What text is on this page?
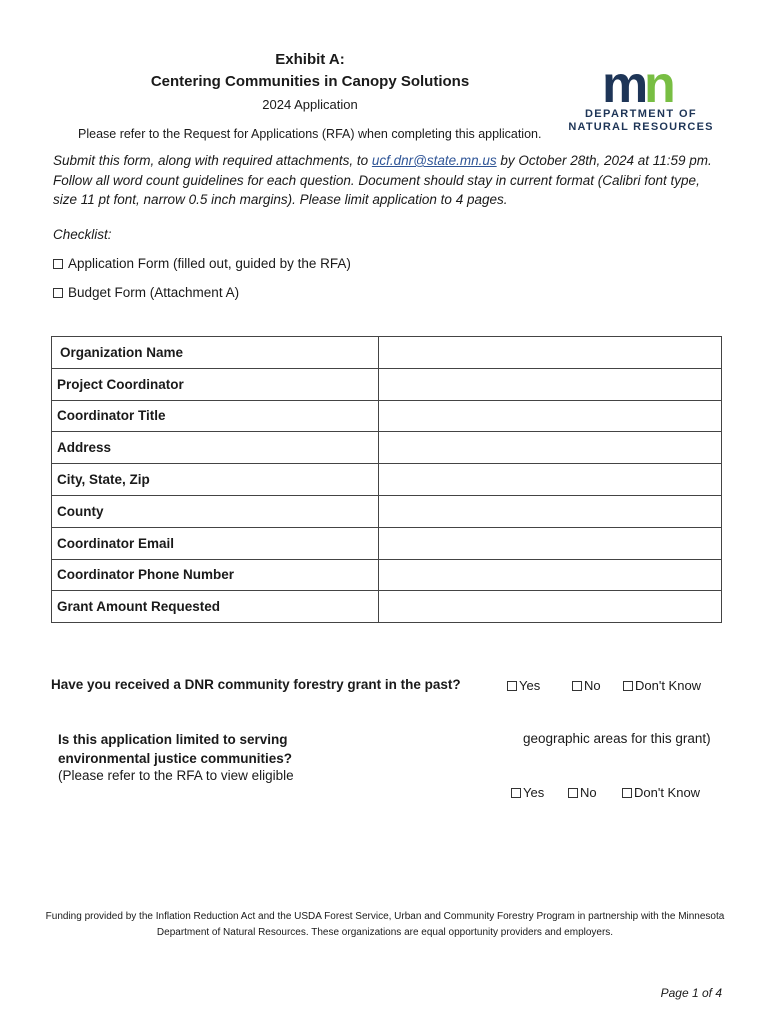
Exhibit A:
Centering Communities in Canopy Solutions
2024 Application
Please refer to the Request for Applications (RFA) when completing this application.
m
n
DEPARTMENT OF
NATURAL RESOURCES
Submit this form, along with required attachments, to ucf.dnr@state.mn.us by October 28th, 2024 at 11:59 pm. Follow all word count guidelines for each question. Document should stay in current format (Calibri font type, size 11 pt font, narrow 0.5 inch margins). Please limit application to 4 pages.
Checklist:
Application Form (filled out, guided by the RFA)
Budget Form (Attachment A)
Organization Name	
Project Coordinator	
Coordinator Title	
Address	
City, State, Zip	
County	
Coordinator Email	
Coordinator Phone Number	
Grant Amount Requested	
Have you received a DNR community forestry grant in the past?	Yes	No	Don't Know
Is this application limited to serving
environmental justice communities?
(Please refer to the RFA to view eligible
geographic areas for this grant)
Yes	No	Don't Know
Funding provided by the Inflation Reduction Act and the USDA Forest Service, Urban and Community Forestry Program in partnership with the Minnesota Department of Natural Resources. These organizations are equal opportunity providers and employers.
Page 1 of 4
